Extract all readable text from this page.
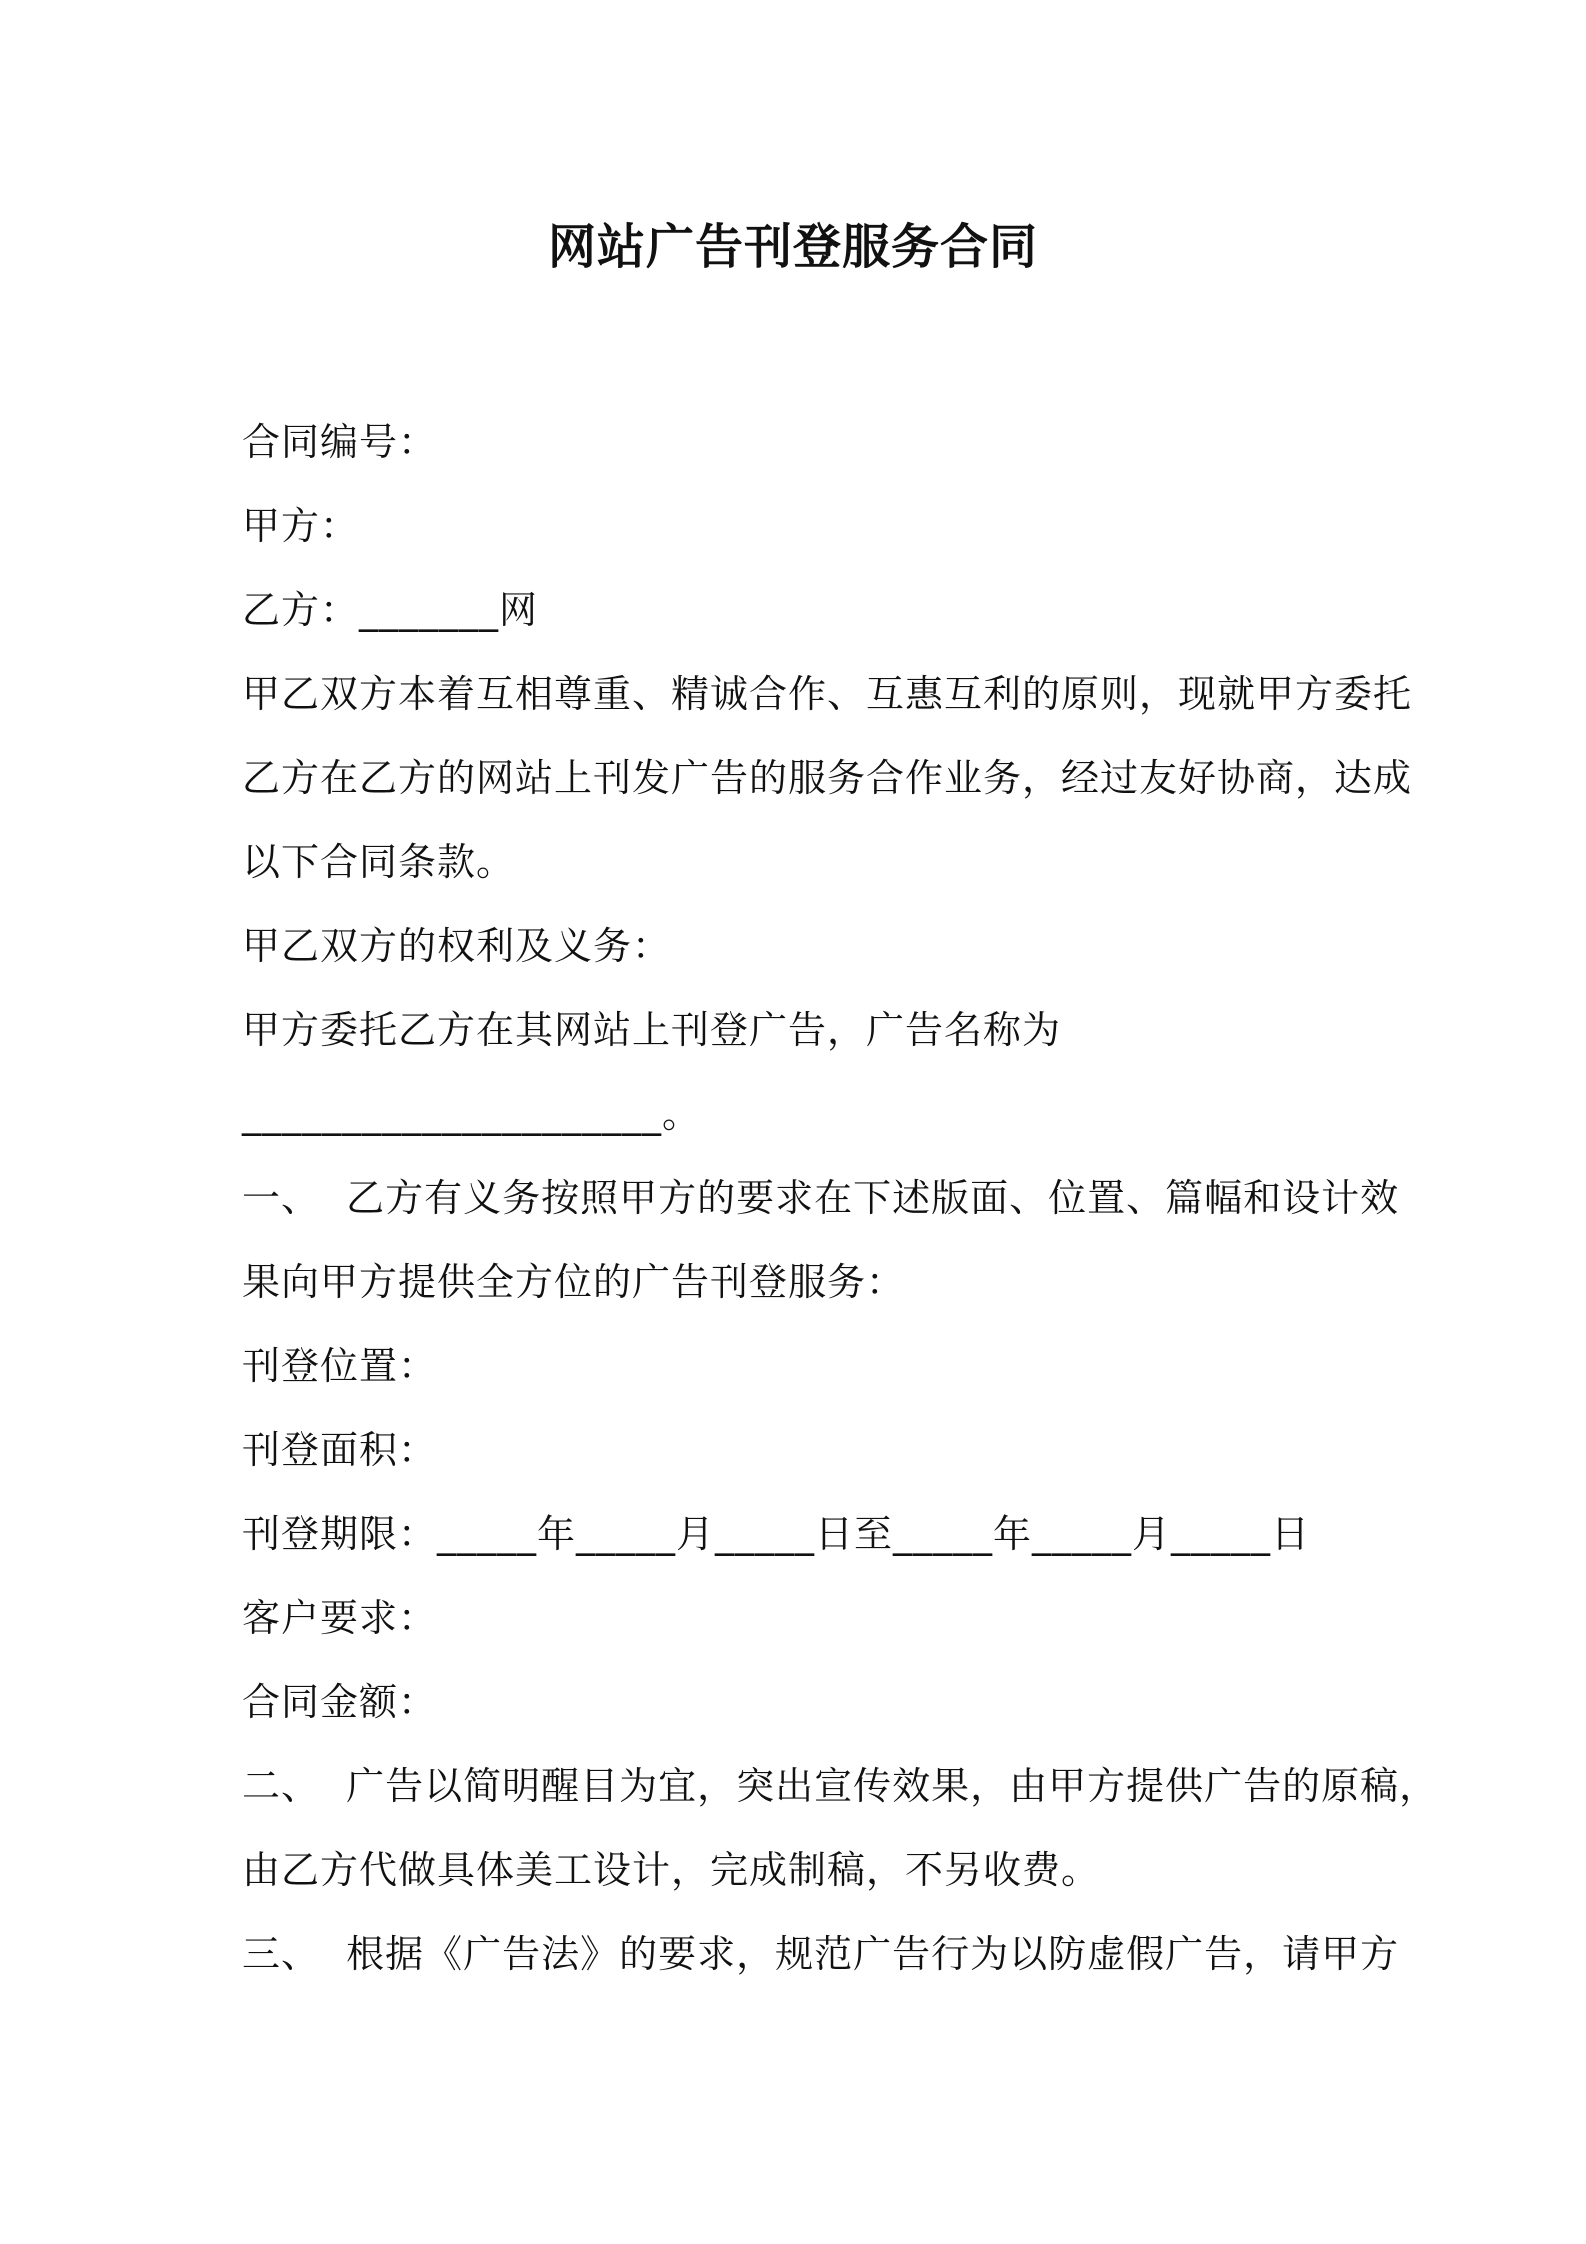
网站广告刊登服务合同
合同编号：
甲方：
乙方：_______网
甲乙双方本着互相尊重、精诚合作、互惠互利的原则，现就甲方委托
乙方在乙方的网站上刊发广告的服务合作业务，经过友好协商，达成
以下合同条款。
甲乙双方的权利及义务：
甲方委托乙方在其网站上刊登广告，广告名称为
_____________________。
一、  乙方有义务按照甲方的要求在下述版面、位置、篇幅和设计效
果向甲方提供全方位的广告刊登服务：
刊登位置：
刊登面积：
刊登期限：_____年_____月_____日至_____年_____月_____日
客户要求：
合同金额：
二、  广告以简明醒目为宜，突出宣传效果，由甲方提供广告的原稿，
由乙方代做具体美工设计，完成制稿，不另收费。
三、  根据《广告法》的要求，规范广告行为以防虚假广告，请甲方
